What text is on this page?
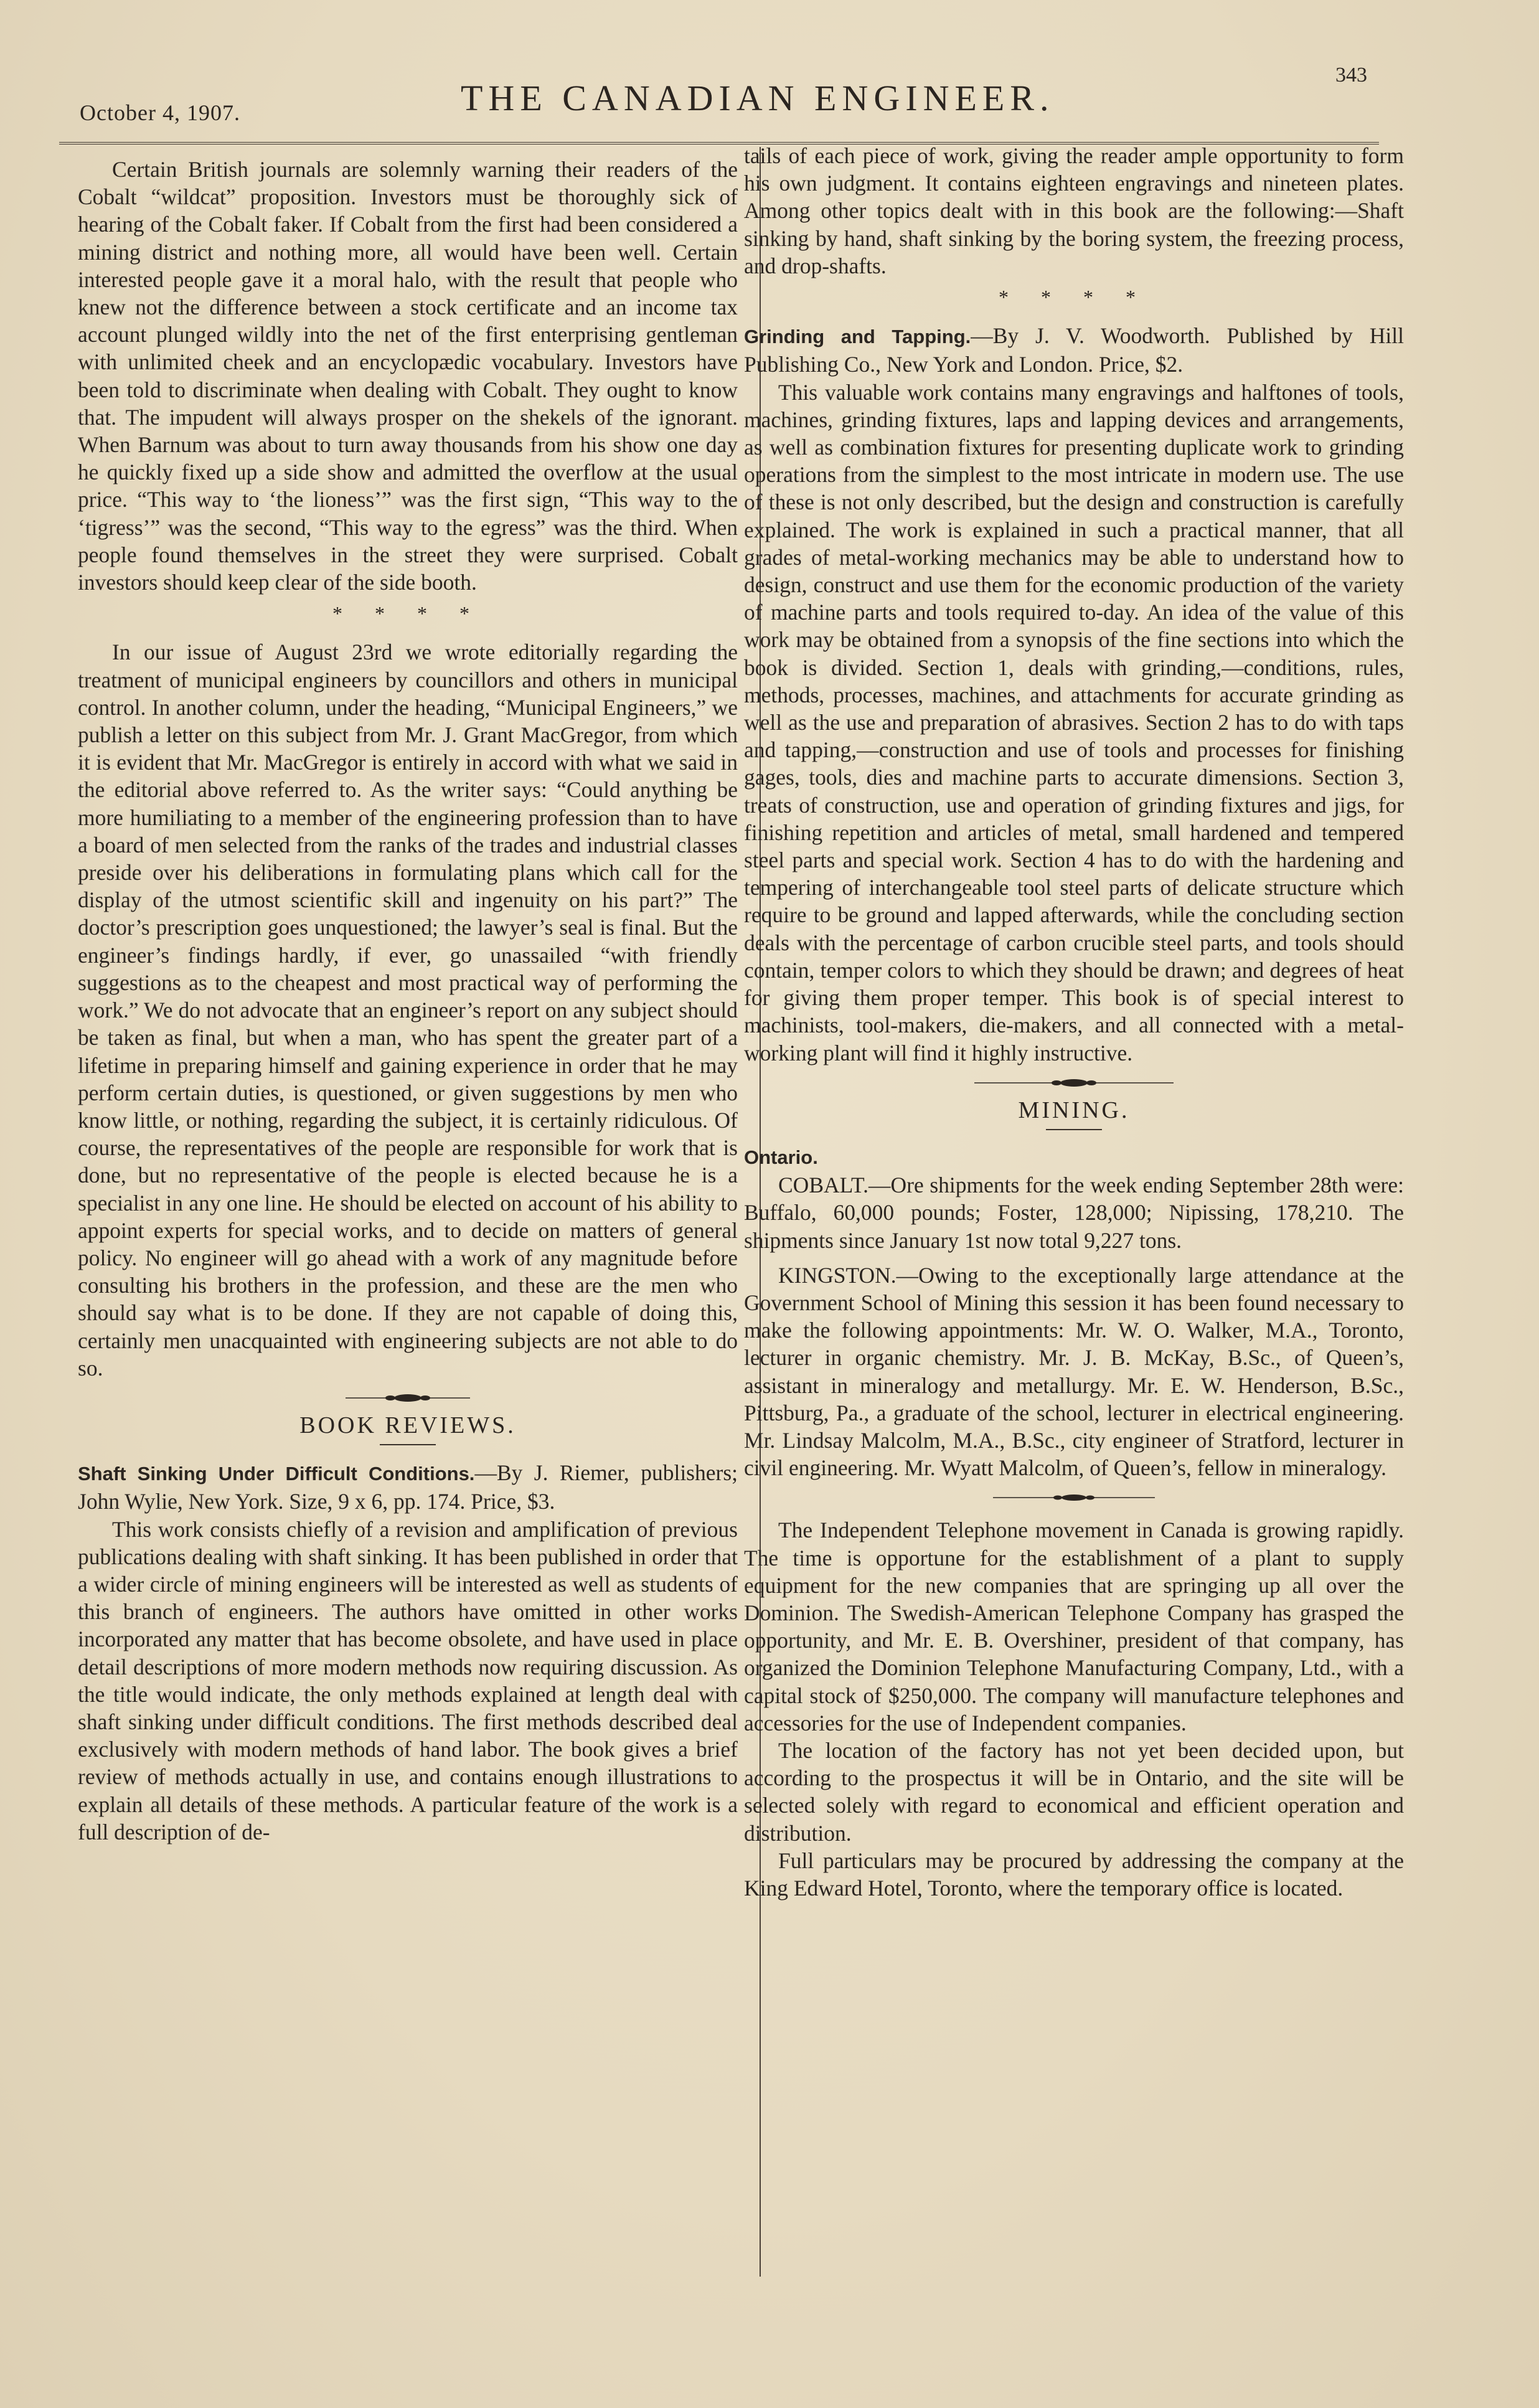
October 4, 1907.	THE CANADIAN ENGINEER.
343

Certain British journals are solemnly warning their readers of the Cobalt “wildcat” proposition. Investors must be thoroughly sick of hearing of the Cobalt faker. If Cobalt from the first had been considered a mining district and nothing more, all would have been well. Certain interested people gave it a moral halo, with the result that people who knew not the difference between a stock certificate and an income tax account plunged wildly into the net of the first enterprising gentleman with unlimited cheek and an encyclopædic vocabulary. Investors have been told to discriminate when dealing with Cobalt. They ought to know that. The impudent will always prosper on the shekels of the ignorant. When Barnum was about to turn away thousands from his show one day he quickly fixed up a side show and admitted the overflow at the usual price. “This way to ‘the lioness’” was the first sign, “This way to the ‘tigress’” was the second, “This way to the egress” was the third. When people found themselves in the street they were surprised. Cobalt investors should keep clear of the side booth.

* * * *

In our issue of August 23rd we wrote editorially regarding the treatment of municipal engineers by councillors and others in municipal control. In another column, under the heading, “Municipal Engineers,” we publish a letter on this subject from Mr. J. Grant MacGregor, from which it is evident that Mr. MacGregor is entirely in accord with what we said in the editorial above referred to. As the writer says: “Could anything be more humiliating to a member of the engineering profession than to have a board of men selected from the ranks of the trades and industrial classes preside over his deliberations in formulating plans which call for the display of the utmost scientific skill and ingenuity on his part?” The doctor’s prescription goes unquestioned; the lawyer’s seal is final. But the engineer’s findings hardly, if ever, go unassailed “with friendly suggestions as to the cheapest and most practical way of performing the work.” We do not advocate that an engineer’s report on any subject should be taken as final, but when a man, who has spent the greater part of a lifetime in preparing himself and gaining experience in order that he may perform certain duties, is questioned, or given suggestions by men who know little, or nothing, regarding the subject, it is certainly ridiculous. Of course, the representatives of the people are responsible for work that is done, but no representative of the people is elected because he is a specialist in any one line. He should be elected on account of his ability to appoint experts for special works, and to decide on matters of general policy. No engineer will go ahead with a work of any magnitude before consulting his brothers in the profession, and these are the men who should say what is to be done. If they are not capable of doing this, certainly men unacquainted with engineering subjects are not able to do so.

BOOK REVIEWS.

Shaft Sinking Under Difficult Conditions.—By J. Riemer, publishers; John Wylie, New York. Size, 9 x 6, pp. 174. Price, $3.

This work consists chiefly of a revision and amplification of previous publications dealing with shaft sinking. It has been published in order that a wider circle of mining engineers will be interested as well as students of this branch of engineers. The authors have omitted in other works incorporated any matter that has become obsolete, and have used in place detail descriptions of more modern methods now requiring discussion. As the title would indicate, the only methods explained at length deal with shaft sinking under difficult conditions. The first methods described deal exclusively with modern methods of hand labor. The book gives a brief review of methods actually in use, and contains enough illustrations to explain all details of these methods. A particular feature of the work is a full description of de-

tails of each piece of work, giving the reader ample opportunity to form his own judgment. It contains eighteen engravings and nineteen plates. Among other topics dealt with in this book are the following:—Shaft sinking by hand, shaft sinking by the boring system, the freezing process, and drop-shafts.

* * * *

Grinding and Tapping.—By J. V. Woodworth. Published by Hill Publishing Co., New York and London. Price, $2.

This valuable work contains many engravings and halftones of tools, machines, grinding fixtures, laps and lapping devices and arrangements, as well as combination fixtures for presenting duplicate work to grinding operations from the simplest to the most intricate in modern use. The use of these is not only described, but the design and construction is carefully explained. The work is explained in such a practical manner, that all grades of metal-working mechanics may be able to understand how to design, construct and use them for the economic production of the variety of machine parts and tools required to-day. An idea of the value of this work may be obtained from a synopsis of the fine sections into which the book is divided. Section 1, deals with grinding,—conditions, rules, methods, processes, machines, and attachments for accurate grinding as well as the use and preparation of abrasives. Section 2 has to do with taps and tapping,—construction and use of tools and processes for finishing gages, tools, dies and machine parts to accurate dimensions. Section 3, treats of construction, use and operation of grinding fixtures and jigs, for finishing repetition and articles of metal, small hardened and tempered steel parts and special work. Section 4 has to do with the hardening and tempering of interchangeable tool steel parts of delicate structure which require to be ground and lapped afterwards, while the concluding section deals with the percentage of carbon crucible steel parts, and tools should contain, temper colors to which they should be drawn; and degrees of heat for giving them proper temper. This book is of special interest to machinists, tool-makers, die-makers, and all connected with a metal-working plant will find it highly instructive.

MINING.
Ontario.

COBALT.—Ore shipments for the week ending September 28th were: Buffalo, 60,000 pounds; Foster, 128,000; Nipissing, 178,210. The shipments since January 1st now total 9,227 tons.

KINGSTON.—Owing to the exceptionally large attendance at the Government School of Mining this session it has been found necessary to make the following appointments: Mr. W. O. Walker, M.A., Toronto, lecturer in organic chemistry. Mr. J. B. McKay, B.Sc., of Queen’s, assistant in mineralogy and metallurgy. Mr. E. W. Henderson, B.Sc., Pittsburg, Pa., a graduate of the school, lecturer in electrical engineering. Mr. Lindsay Malcolm, M.A., B.Sc., city engineer of Stratford, lecturer in civil engineering. Mr. Wyatt Malcolm, of Queen’s, fellow in mineralogy.

The Independent Telephone movement in Canada is growing rapidly. The time is opportune for the establishment of a plant to supply equipment for the new companies that are springing up all over the Dominion. The Swedish-American Telephone Company has grasped the opportunity, and Mr. E. B. Overshiner, president of that company, has organized the Dominion Telephone Manufacturing Company, Ltd., with a capital stock of $250,000. The company will manufacture telephones and accessories for the use of Independent companies.

The location of the factory has not yet been decided upon, but according to the prospectus it will be in Ontario, and the site will be selected solely with regard to economical and efficient operation and distribution.

Full particulars may be procured by addressing the company at the King Edward Hotel, Toronto, where the temporary office is located.
